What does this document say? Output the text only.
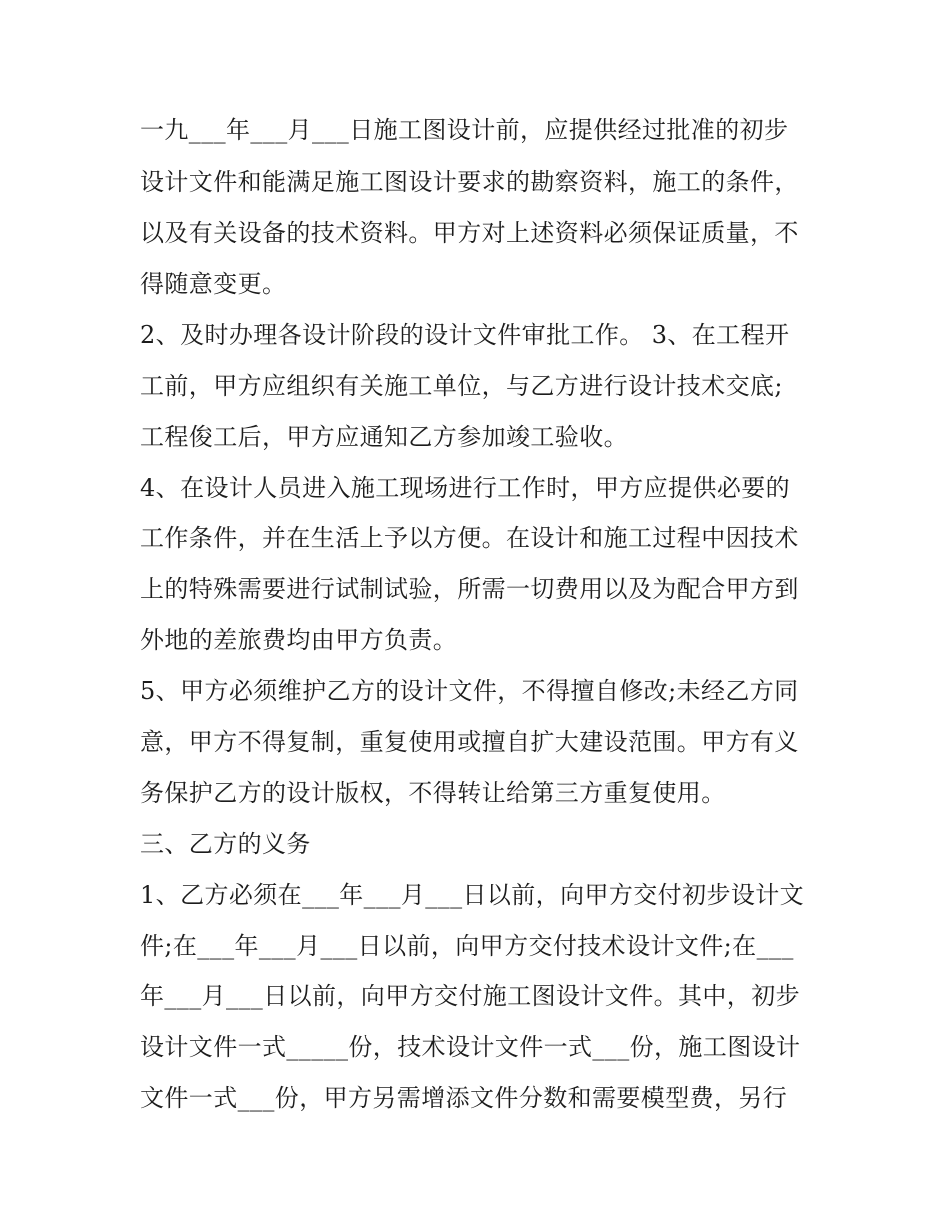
一九___年___月___日施工图设计前，应提供经过批准的初步

设计文件和能满足施工图设计要求的勘察资料，施工的条件，

以及有关设备的技术资料。甲方对上述资料必须保证质量，不

得随意变更。

2、及时办理各设计阶段的设计文件审批工作。 3、在工程开

工前，甲方应组织有关施工单位，与乙方进行设计技术交底;

工程俊工后，甲方应通知乙方参加竣工验收。

4、在设计人员进入施工现场进行工作时，甲方应提供必要的

工作条件，并在生活上予以方便。在设计和施工过程中因技术

上的特殊需要进行试制试验，所需一切费用以及为配合甲方到

外地的差旅费均由甲方负责。

5、甲方必须维护乙方的设计文件，不得擅自修改;未经乙方同

意，甲方不得复制，重复使用或擅自扩大建设范围。甲方有义

务保护乙方的设计版权，不得转让给第三方重复使用。

三、乙方的义务

1、乙方必须在___年___月___日以前，向甲方交付初步设计文

件;在___年___月___日以前，向甲方交付技术设计文件;在___

年___月___日以前，向甲方交付施工图设计文件。其中，初步

设计文件一式_____份，技术设计文件一式___份，施工图设计

文件一式___份，甲方另需增添文件分数和需要模型费，另行
